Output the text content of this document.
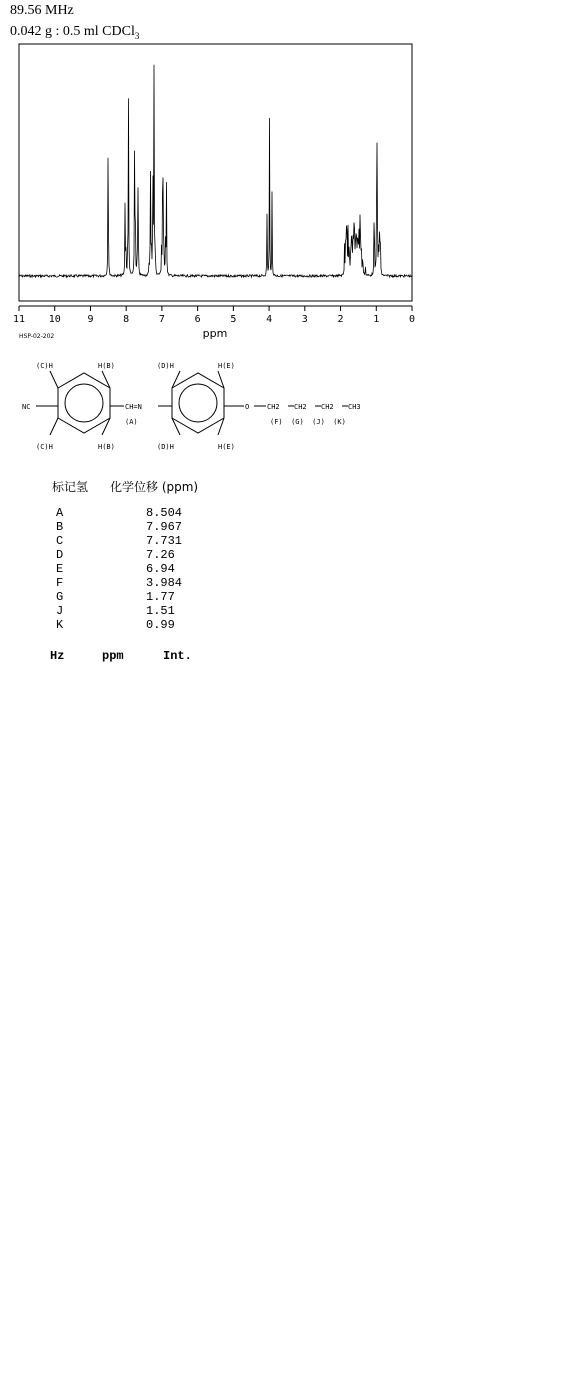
89.56 MHz
0.042 g : 0.5 ml CDCl$_3$
11 10	9	8	7	6	5	4	3	2	1	0
ppm
HSP-02-202
(C)H	H(B)
(C)H	H(B)
(D)H	H(E)
(D)H	H(E)
NC	CH=N
(A)
O	CH2 CH2 CH2 CH3
(F)  (G)  (J)  (K)
标记氢 化学位移 (ppm)
A	8.504
B	7.967
C	7.731
D	7.26
E	6.94
F	3.984
G	1.77
J	1.51
K	0.99
Hz	ppm	Int.
